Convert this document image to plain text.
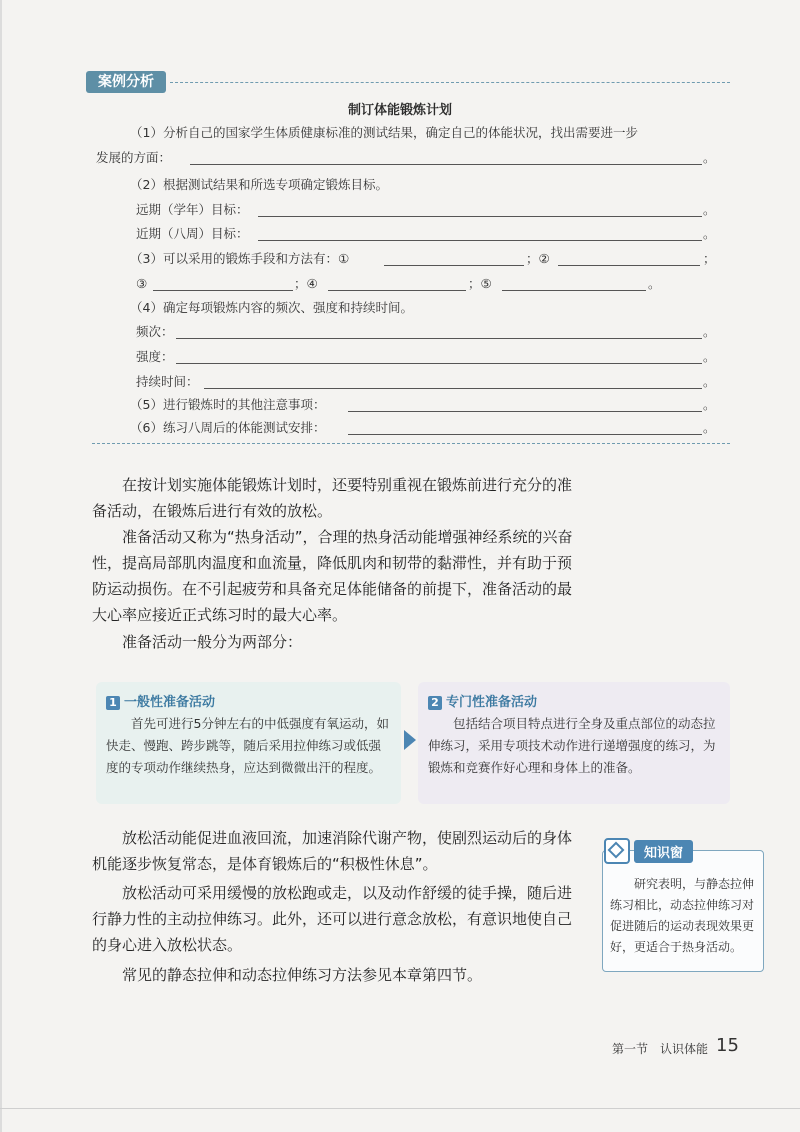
案例分析
制订体能锻炼计划
（1）分析自己的国家学生体质健康标准的测试结果，确定自己的体能状况，找出需要进一步
发展的方面：	。
（2）根据测试结果和所选专项确定锻炼目标。
远期（学年）目标：	。
近期（八周）目标：	。
（3）可以采用的锻炼手段和方法有：①	；②	；
③	；④	；⑤	。
（4）确定每项锻炼内容的频次、强度和持续时间。
频次：	。
强度：	。
持续时间：	。
（5）进行锻炼时的其他注意事项：	。
（6）练习八周后的体能测试安排：	。

在按计划实施体能锻炼计划时，还要特别重视在锻炼前进行充分的准备活动，在锻炼后进行有效的放松。

准备活动又称为“热身活动”，合理的热身活动能增强神经系统的兴奋性，提高局部肌肉温度和血流量，降低肌肉和韧带的黏滞性，并有助于预防运动损伤。在不引起疲劳和具备充足体能储备的前提下，准备活动的最大心率应接近正式练习时的最大心率。

准备活动一般分为两部分：

1 一般性准备活动
首先可进行5分钟左右的中低强度有氧运动，如快走、慢跑、跨步跳等，随后采用拉伸练习或低强度的专项动作继续热身，应达到微微出汗的程度。
2 专门性准备活动
包括结合项目特点进行全身及重点部位的动态拉伸练习，采用专项技术动作进行递增强度的练习，为锻炼和竞赛作好心理和身体上的准备。

放松活动能促进血液回流，加速消除代谢产物，使剧烈运动后的身体机能逐步恢复常态，是体育锻炼后的“积极性休息”。

放松活动可采用缓慢的放松跑或走，以及动作舒缓的徒手操，随后进行静力性的主动拉伸练习。此外，还可以进行意念放松，有意识地使自己的身心进入放松状态。

常见的静态拉伸和动态拉伸练习方法参见本章第四节。

知识窗
研究表明，与静态拉伸练习相比，动态拉伸练习对促进随后的运动表现效果更好，更适合于热身活动。
第一节　认识体能 15
